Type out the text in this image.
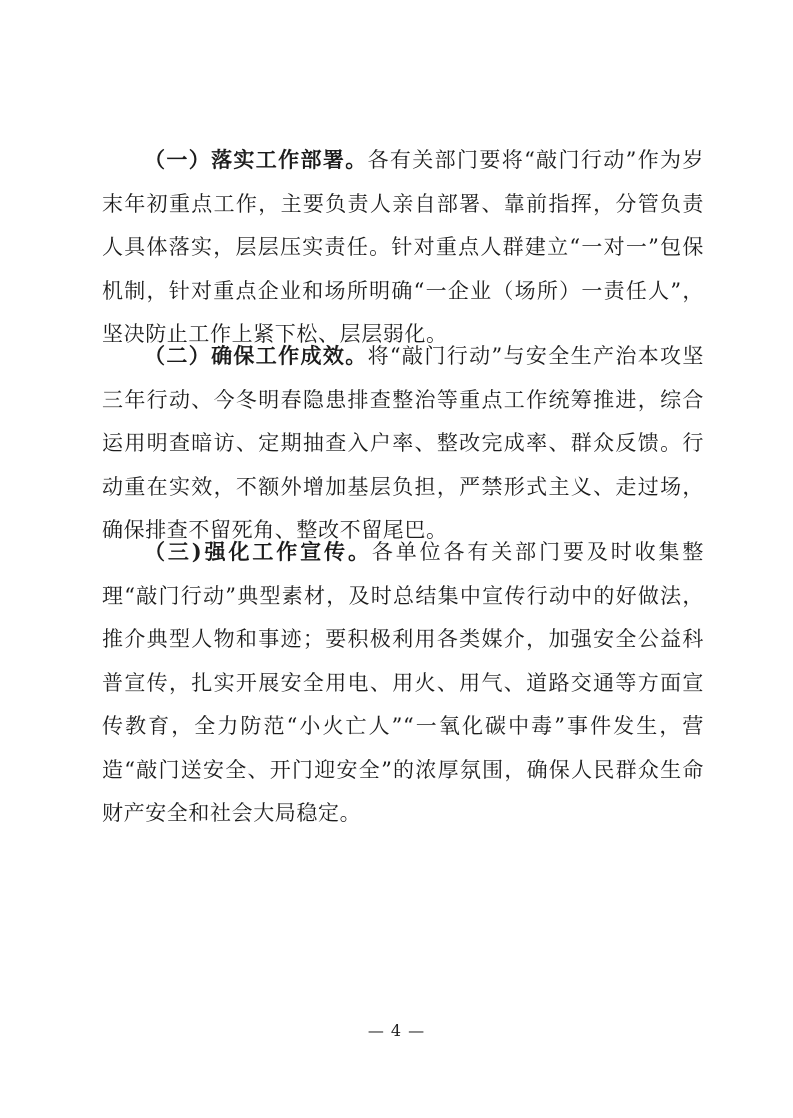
（一）落实工作部署。各有关部门要将“敲门行动”作为岁末年初重点工作，主要负责人亲自部署、靠前指挥，分管负责人具体落实，层层压实责任。针对重点人群建立“一对一”包保机制，针对重点企业和场所明确“一企业（场所）一责任人”，坚决防止工作上紧下松、层层弱化。

（二）确保工作成效。将“敲门行动”与安全生产治本攻坚三年行动、今冬明春隐患排查整治等重点工作统筹推进，综合运用明查暗访、定期抽查入户率、整改完成率、群众反馈。行动重在实效，不额外增加基层负担，严禁形式主义、走过场，确保排查不留死角、整改不留尾巴。

（三)强化工作宣传。各单位各有关部门要及时收集整理“敲门行动”典型素材，及时总结集中宣传行动中的好做法，推介典型人物和事迹；要积极利用各类媒介，加强安全公益科普宣传，扎实开展安全用电、用火、用气、道路交通等方面宣传教育，全力防范“小火亡人”“一氧化碳中毒”事件发生，营造“敲门送安全、开门迎安全”的浓厚氛围，确保人民群众生命财产安全和社会大局稳定。

— 4 —
